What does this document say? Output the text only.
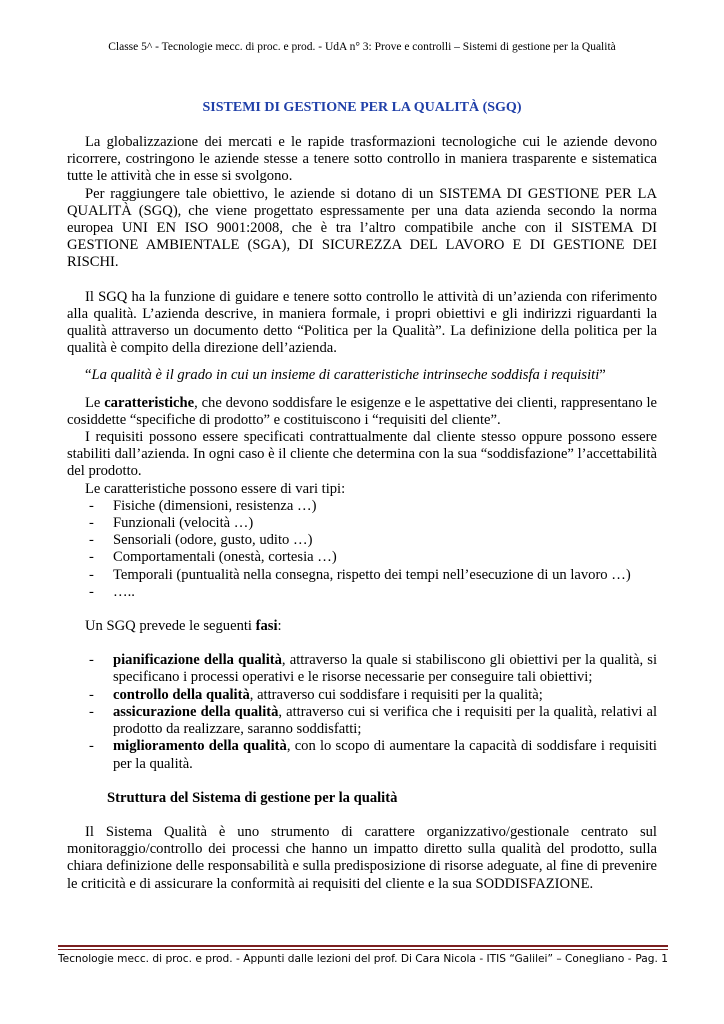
Classe 5^ - Tecnologie mecc. di proc. e prod. - UdA n° 3: Prove e controlli – Sistemi di gestione per la Qualità
SISTEMI DI GESTIONE PER LA QUALITÀ (SGQ)

La globalizzazione dei mercati e le rapide trasformazioni tecnologiche cui le aziende devono ricorrere, costringono le aziende stesse a tenere sotto controllo in maniera trasparente e sistematica tutte le attività che in esse si svolgono.

Per raggiungere tale obiettivo, le aziende si dotano di un SISTEMA DI GESTIONE PER LA QUALITÀ (SGQ), che viene progettato espressamente per una data azienda secondo la norma europea UNI EN ISO 9001:2008, che è tra l’altro compatibile anche con il SISTEMA DI GESTIONE AMBIENTALE (SGA), DI SICUREZZA DEL LAVORO E DI GESTIONE DEI RISCHI.

Il SGQ ha la funzione di guidare e tenere sotto controllo le attività di un’azienda con riferimento alla qualità. L’azienda descrive, in maniera formale, i propri obiettivi e gli indirizzi riguardanti la qualità attraverso un documento detto “Politica per la Qualità”. La definizione della politica per la qualità è compito della direzione dell’azienda.

“La qualità è il grado in cui un insieme di caratteristiche intrinseche soddisfa i requisiti”

Le caratteristiche, che devono soddisfare le esigenze e le aspettative dei clienti, rappresentano le cosiddette “specifiche di prodotto” e costituiscono i “requisiti del cliente”.

I requisiti possono essere specificati contrattualmente dal cliente stesso oppure possono essere stabiliti dall’azienda. In ogni caso è il cliente che determina con la sua “soddisfazione” l’accettabilità del prodotto.

Le caratteristiche possono essere di vari tipi:

- Fisiche (dimensioni, resistenza …)
- Funzionali (velocità …)
- Sensoriali (odore, gusto, udito …)
- Comportamentali (onestà, cortesia …)
- Temporali (puntualità nella consegna, rispetto dei tempi nell’esecuzione di un lavoro …)
- …..

Un SGQ prevede le seguenti fasi:

- pianificazione della qualità, attraverso la quale si stabiliscono gli obiettivi per la qualità, si specificano i processi operativi e le risorse necessarie per conseguire tali obiettivi;
- controllo della qualità, attraverso cui soddisfare i requisiti per la qualità;
- assicurazione della qualità, attraverso cui si verifica che i requisiti per la qualità, relativi al prodotto da realizzare, saranno soddisfatti;
- miglioramento della qualità, con lo scopo di aumentare la capacità di soddisfare i requisiti per la qualità.

Struttura del Sistema di gestione per la qualità

Il Sistema Qualità è uno strumento di carattere organizzativo/gestionale centrato sul monitoraggio/controllo dei processi che hanno un impatto diretto sulla qualità del prodotto, sulla chiara definizione delle responsabilità e sulla predisposizione di risorse adeguate, al fine di prevenire le criticità e di assicurare la conformità ai requisiti del cliente e la sua SODDISFAZIONE.

Tecnologie mecc. di proc. e prod. - Appunti dalle lezioni del prof. Di Cara Nicola - ITIS “Galilei” – Conegliano - Pag. 1
